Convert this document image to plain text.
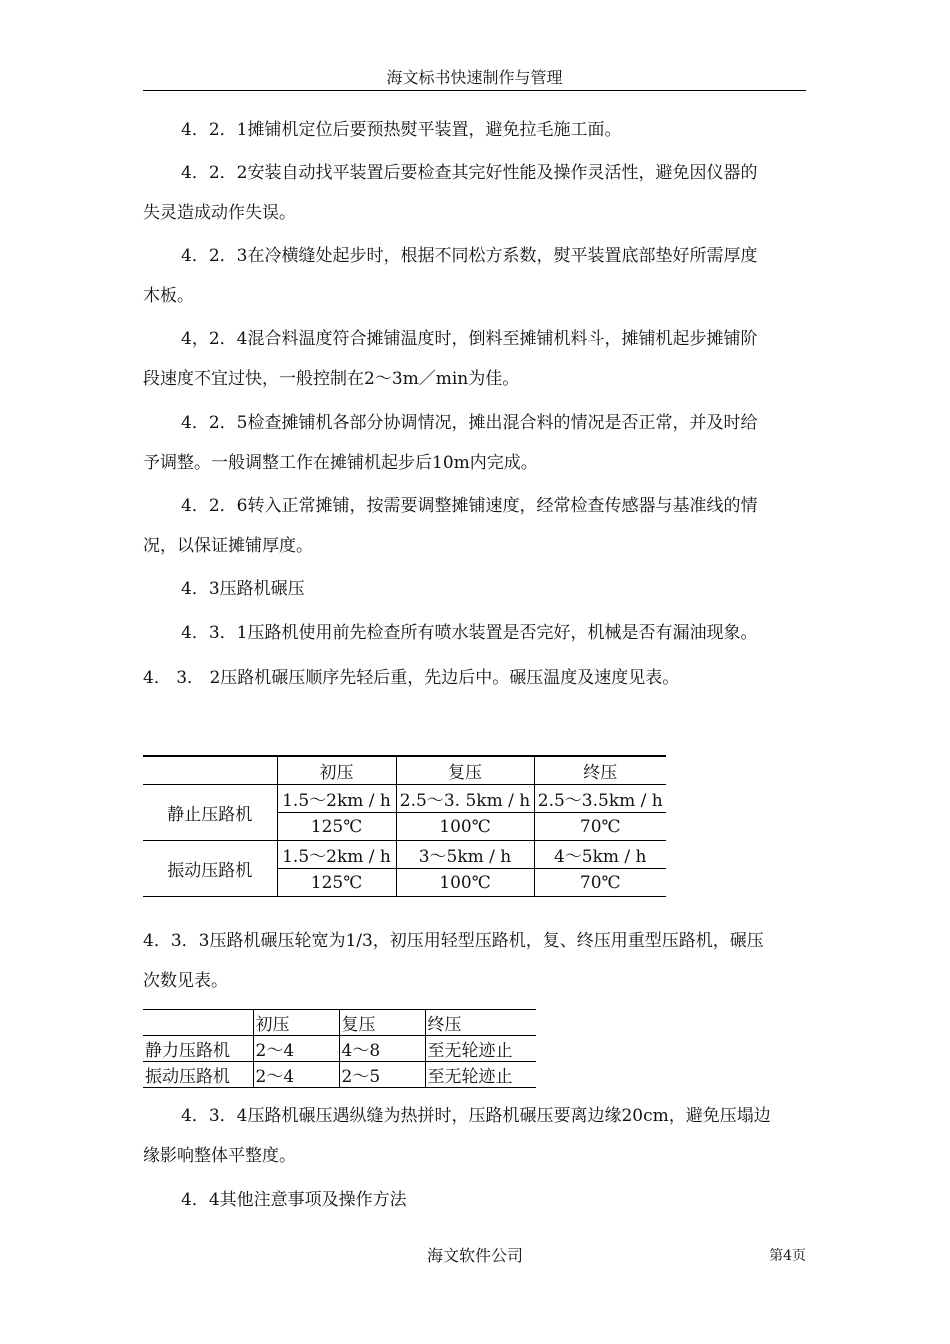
海文标书快速制作与管理

4．2．1摊铺机定位后要预热熨平装置，避免拉毛施工面。

4．2．2安装自动找平装置后要检查其完好性能及操作灵活性，避免因仪器的

失灵造成动作失误。

4．2．3在冷横缝处起步时，根据不同松方系数，熨平装置底部垫好所需厚度

木板。

4，2．4混合料温度符合摊铺温度时，倒料至摊铺机料斗，摊铺机起步摊铺阶

段速度不宜过快，一般控制在2～3m／min为佳。

4．2．5检查摊铺机各部分协调情况，摊出混合料的情况是否正常，并及时给

予调整。一般调整工作在摊铺机起步后10m内完成。

4．2．6转入正常摊铺，按需要调整摊铺速度，经常检查传感器与基准线的情

况，以保证摊铺厚度。

4．3压路机碾压

4．3．1压路机使用前先检查所有喷水装置是否完好，机械是否有漏油现象。

4． 3． 2压路机碾压顺序先轻后重，先边后中。碾压温度及速度见表。

	初压	复压	终压
静止压路机	1.5～2km / h	2.5～3. 5km / h	2.5～3.5km / h
	125℃	100℃	70℃
振动压路机	1.5～2km / h	3～5km / h	4～5km / h
	125℃	100℃	70℃

4．3．3压路机碾压轮宽为1/3，初压用轻型压路机，复、终压用重型压路机，碾压

次数见表。

	初压	复压	终压
静力压路机	2～4	4～8	至无轮迹止
振动压路机	2～4	2～5	至无轮迹止

4．3．4压路机碾压遇纵缝为热拼时，压路机碾压要离边缘20cm，避免压塌边

缘影响整体平整度。

4．4其他注意事项及操作方法

海文软件公司	第4页
